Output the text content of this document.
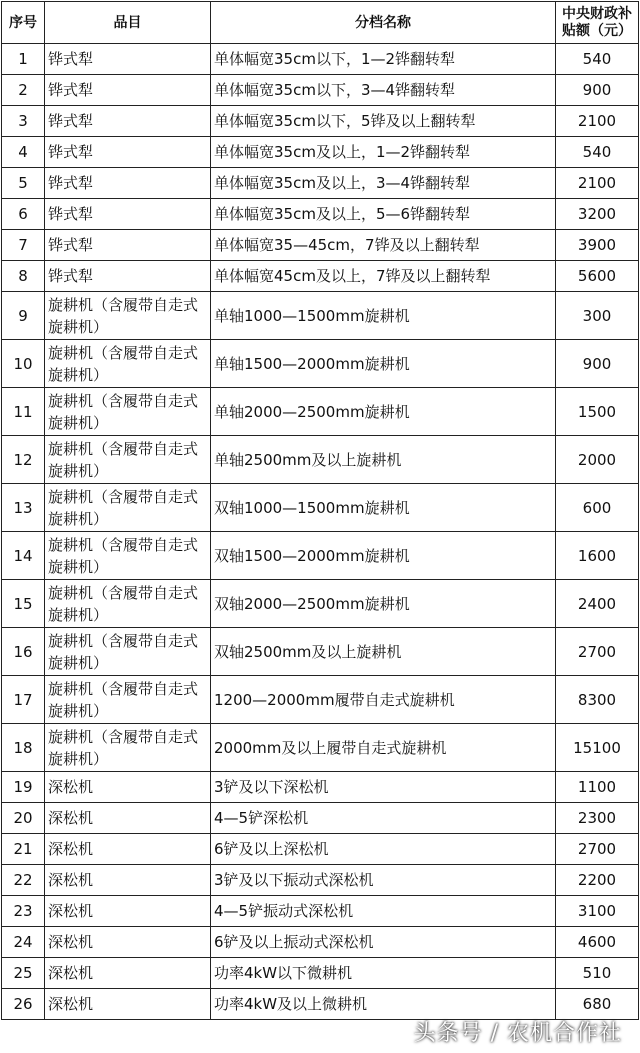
序号	品目	分档名称	中央财政补
贴额（元）
1	铧式犁	单体幅宽35cm以下，1—2铧翻转犁	540
2	铧式犁	单体幅宽35cm以下，3—4铧翻转犁	900
3	铧式犁	单体幅宽35cm以下，5铧及以上翻转犁	2100
4	铧式犁	单体幅宽35cm及以上，1—2铧翻转犁	540
5	铧式犁	单体幅宽35cm及以上，3—4铧翻转犁	2100
6	铧式犁	单体幅宽35cm及以上，5—6铧翻转犁	3200
7	铧式犁	单体幅宽35—45cm，7铧及以上翻转犁	3900
8	铧式犁	单体幅宽45cm及以上，7铧及以上翻转犁	5600
9	旋耕机（含履带自走式旋耕机）	单轴1000—1500mm旋耕机	300
10	旋耕机（含履带自走式旋耕机）	单轴1500—2000mm旋耕机	900
11	旋耕机（含履带自走式旋耕机）	单轴2000—2500mm旋耕机	1500
12	旋耕机（含履带自走式旋耕机）	单轴2500mm及以上旋耕机	2000
13	旋耕机（含履带自走式旋耕机）	双轴1000—1500mm旋耕机	600
14	旋耕机（含履带自走式旋耕机）	双轴1500—2000mm旋耕机	1600
15	旋耕机（含履带自走式旋耕机）	双轴2000—2500mm旋耕机	2400
16	旋耕机（含履带自走式旋耕机）	双轴2500mm及以上旋耕机	2700
17	旋耕机（含履带自走式旋耕机）	1200—2000mm履带自走式旋耕机	8300
18	旋耕机（含履带自走式旋耕机）	2000mm及以上履带自走式旋耕机	15100
19	深松机	3铲及以下深松机	1100
20	深松机	4—5铲深松机	2300
21	深松机	6铲及以上深松机	2700
22	深松机	3铲及以下振动式深松机	2200
23	深松机	4—5铲振动式深松机	3100
24	深松机	6铲及以上振动式深松机	4600
25	深松机	功率4kW以下微耕机	510
26	深松机	功率4kW及以上微耕机	680
头条号 / 农机合作社
